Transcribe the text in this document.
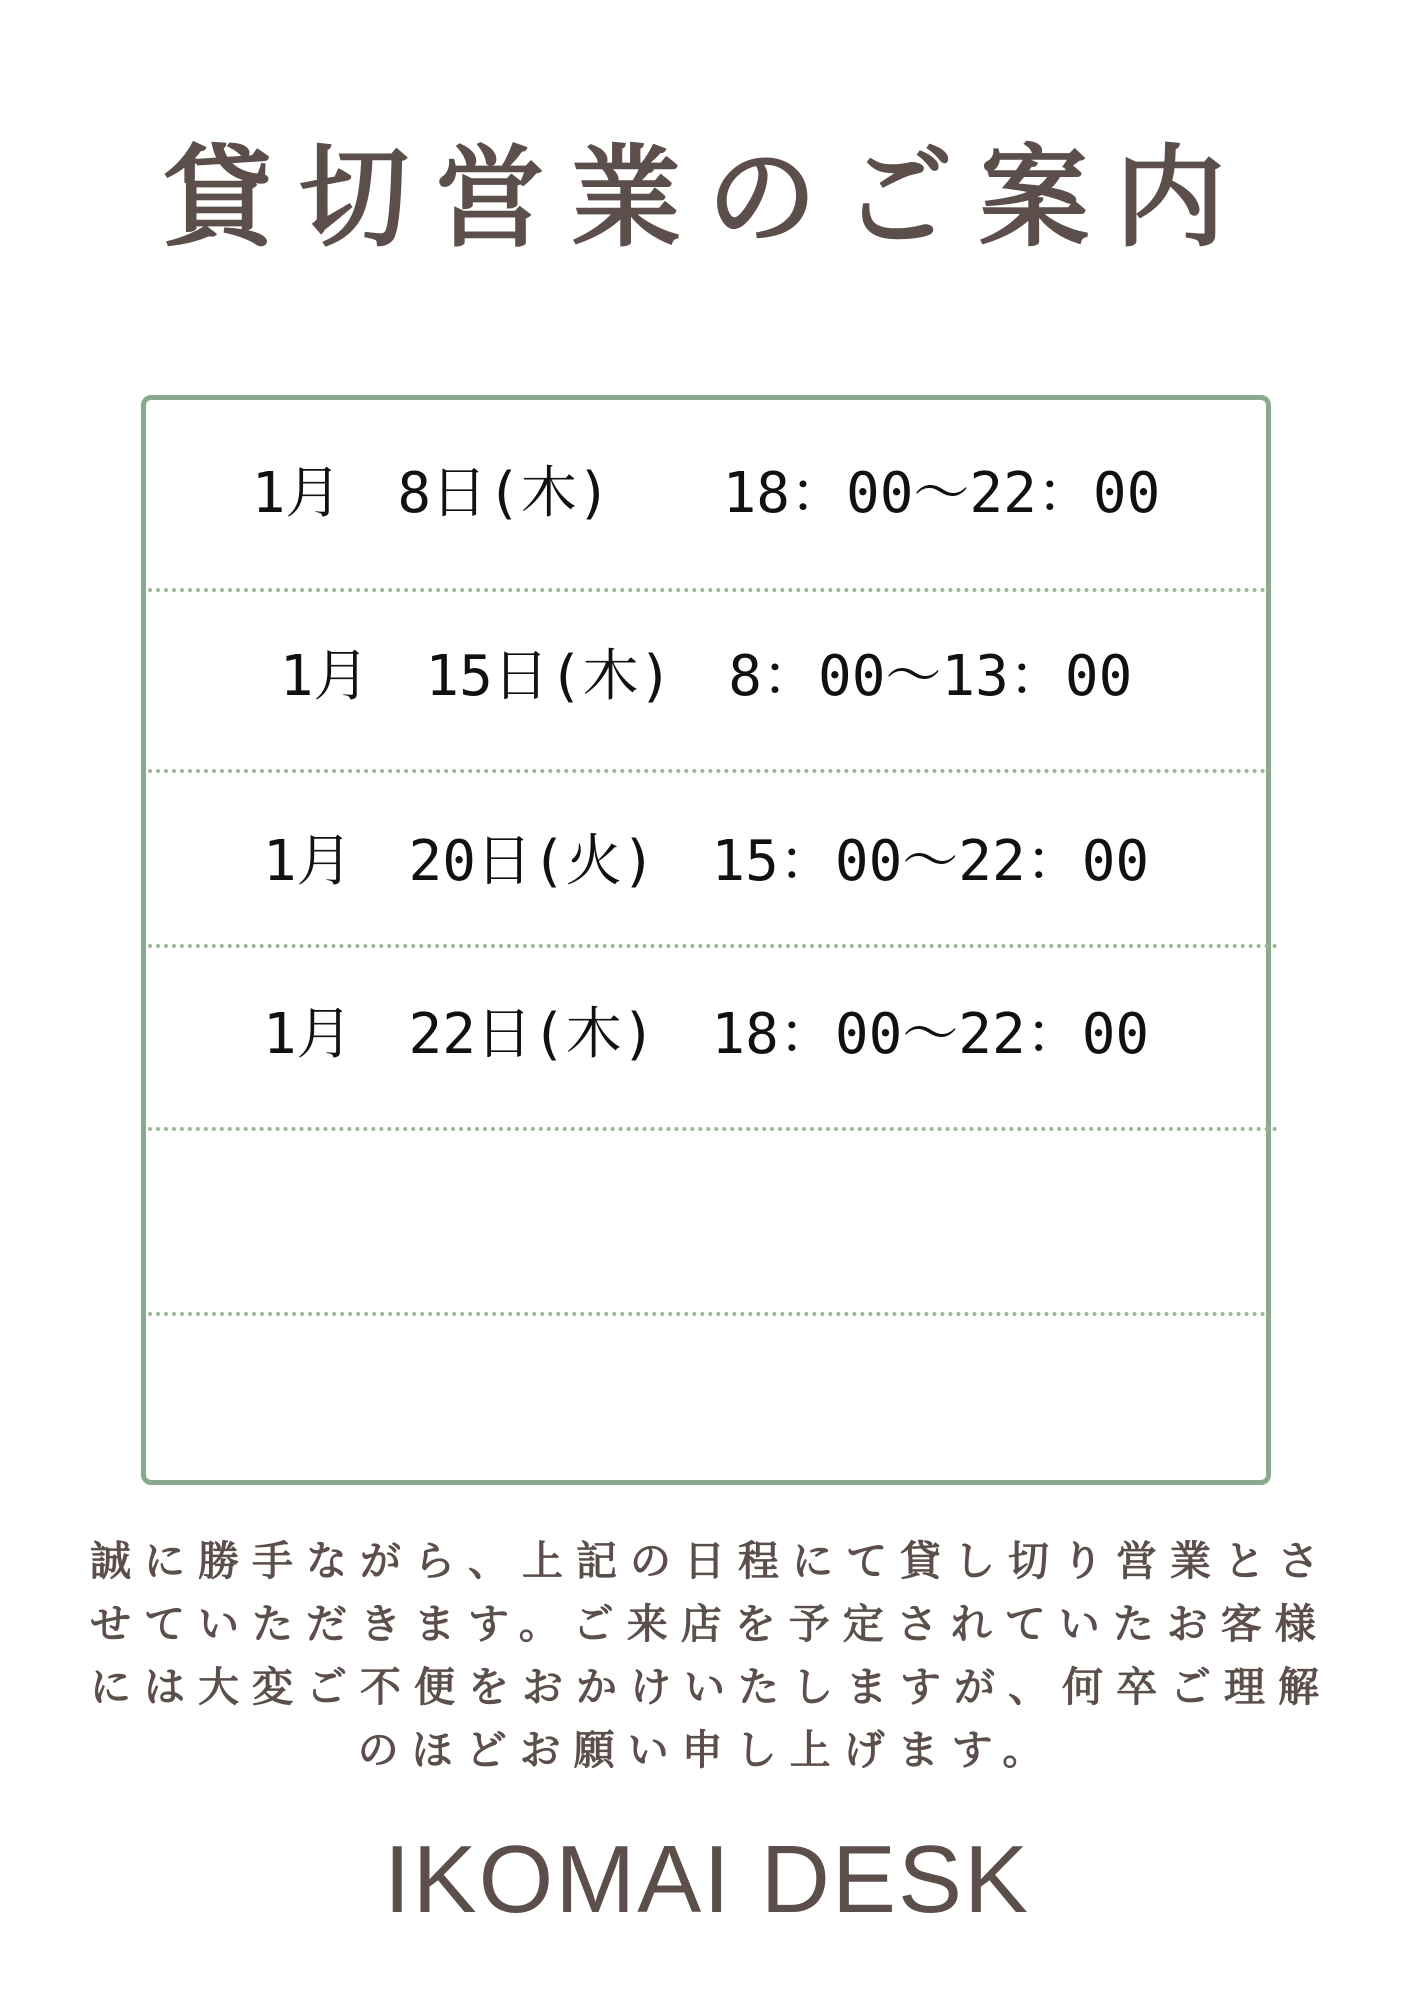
貸切営業のご案内
1月　8日(木)　　18：00～22：00
1月　15日(木)　8：00～13：00
1月　20日(火)　15：00～22：00
1月　22日(木)　18：00～22：00
誠に勝手ながら、上記の日程にて貸し切り営業とさ
せていただきます。ご来店を予定されていたお客様
には大変ご不便をおかけいたしますが、何卒ご理解
のほどお願い申し上げます。
IKOMAI DESK
